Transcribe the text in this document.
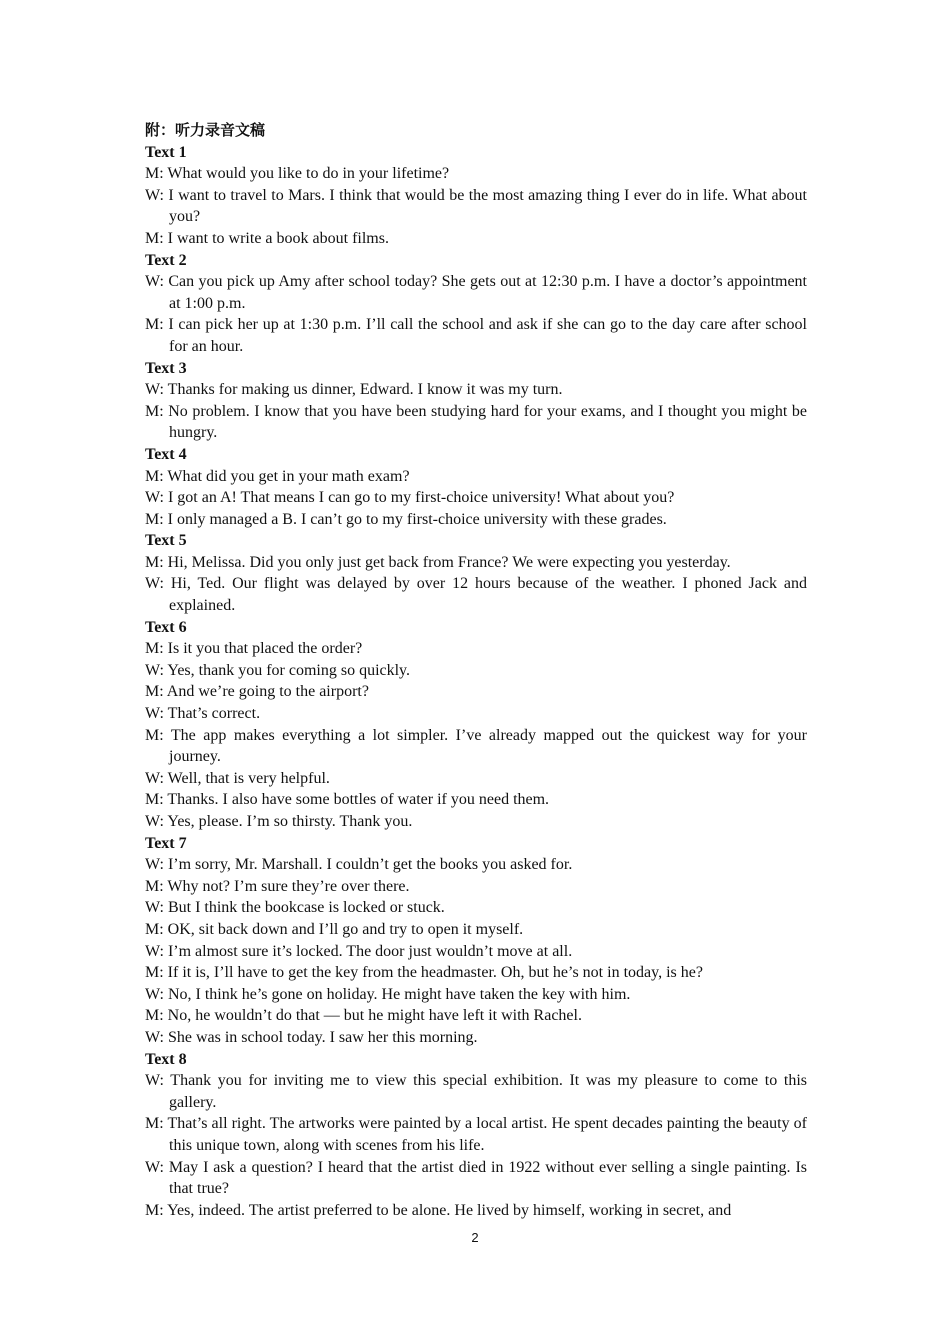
附：听力录音文稿

Text 1

M: What would you like to do in your lifetime?

W: I want to travel to Mars. I think that would be the most amazing thing I ever do in life. What about you?

M: I want to write a book about films.

Text 2

W: Can you pick up Amy after school today? She gets out at 12:30 p.m. I have a doctor’s appointment at 1:00 p.m.

M: I can pick her up at 1:30 p.m. I’ll call the school and ask if she can go to the day care after school for an hour.

Text 3

W: Thanks for making us dinner, Edward. I know it was my turn.

M: No problem. I know that you have been studying hard for your exams, and I thought you might be hungry.

Text 4

M: What did you get in your math exam?

W: I got an A! That means I can go to my first-choice university! What about you?

M: I only managed a B. I can’t go to my first-choice university with these grades.

Text 5

M: Hi, Melissa. Did you only just get back from France? We were expecting you yesterday.

W: Hi, Ted. Our flight was delayed by over 12 hours because of the weather. I phoned Jack and explained.

Text 6

M: Is it you that placed the order?

W: Yes, thank you for coming so quickly.

M: And we’re going to the airport?

W: That’s correct.

M: The app makes everything a lot simpler. I’ve already mapped out the quickest way for your journey.

W: Well, that is very helpful.

M: Thanks. I also have some bottles of water if you need them.

W: Yes, please. I’m so thirsty. Thank you.

Text 7

W: I’m sorry, Mr. Marshall. I couldn’t get the books you asked for.

M: Why not? I’m sure they’re over there.

W: But I think the bookcase is locked or stuck.

M: OK, sit back down and I’ll go and try to open it myself.

W: I’m almost sure it’s locked. The door just wouldn’t move at all.

M: If it is, I’ll have to get the key from the headmaster. Oh, but he’s not in today, is he?

W: No, I think he’s gone on holiday. He might have taken the key with him.

M: No, he wouldn’t do that — but he might have left it with Rachel.

W: She was in school today. I saw her this morning.

Text 8

W: Thank you for inviting me to view this special exhibition. It was my pleasure to come to this gallery.

M: That’s all right. The artworks were painted by a local artist. He spent decades painting the beauty of this unique town, along with scenes from his life.

W: May I ask a question? I heard that the artist died in 1922 without ever selling a single painting. Is that true?

M: Yes, indeed. The artist preferred to be alone. He lived by himself, working in secret, and

2
